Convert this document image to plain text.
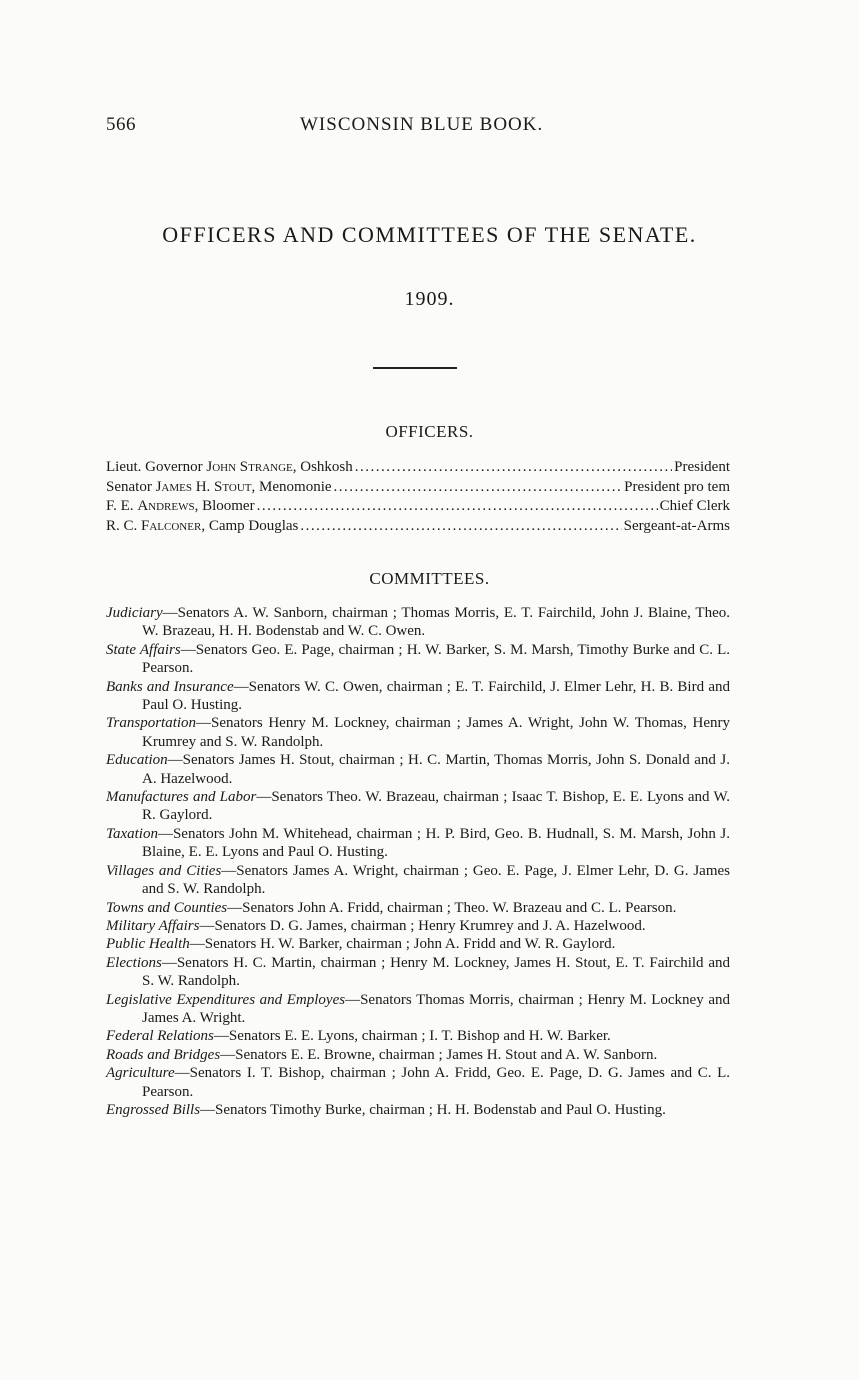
566	WISCONSIN BLUE BOOK.
OFFICERS AND COMMITTEES OF THE SENATE.
1909.
OFFICERS.
Lieut. Governor John Strange, Oshkosh .....	President
Senator James H. Stout, Menomonie .....	President pro tem
F. E. Andrews, Bloomer .....	Chief Clerk
R. C. Falconer, Camp Douglas .....	Sergeant-at-Arms
COMMITTEES.

Judiciary—Senators A. W. Sanborn, chairman ; Thomas Morris, E. T. Fairchild, John J. Blaine, Theo. W. Brazeau, H. H. Bodenstab and W. C. Owen.

State Affairs—Senators Geo. E. Page, chairman ; H. W. Barker, S. M. Marsh, Timothy Burke and C. L. Pearson.

Banks and Insurance—Senators W. C. Owen, chairman ; E. T. Fairchild, J. Elmer Lehr, H. B. Bird and Paul O. Husting.

Transportation—Senators Henry M. Lockney, chairman ; James A. Wright, John W. Thomas, Henry Krumrey and S. W. Randolph.

Education—Senators James H. Stout, chairman ; H. C. Martin, Thomas Morris, John S. Donald and J. A. Hazelwood.

Manufactures and Labor—Senators Theo. W. Brazeau, chairman ; Isaac T. Bishop, E. E. Lyons and W. R. Gaylord.

Taxation—Senators John M. Whitehead, chairman ; H. P. Bird, Geo. B. Hudnall, S. M. Marsh, John J. Blaine, E. E. Lyons and Paul O. Husting.

Villages and Cities—Senators James A. Wright, chairman ; Geo. E. Page, J. Elmer Lehr, D. G. James and S. W. Randolph.

Towns and Counties—Senators John A. Fridd, chairman ; Theo. W. Brazeau and C. L. Pearson.

Military Affairs—Senators D. G. James, chairman ; Henry Krumrey and J. A. Hazelwood.

Public Health—Senators H. W. Barker, chairman ; John A. Fridd and W. R. Gaylord.

Elections—Senators H. C. Martin, chairman ; Henry M. Lockney, James H. Stout, E. T. Fairchild and S. W. Randolph.

Legislative Expenditures and Employes—Senators Thomas Morris, chairman ; Henry M. Lockney and James A. Wright.

Federal Relations—Senators E. E. Lyons, chairman ; I. T. Bishop and H. W. Barker.

Roads and Bridges—Senators E. E. Browne, chairman ; James H. Stout and A. W. Sanborn.

Agriculture—Senators I. T. Bishop, chairman ; John A. Fridd, Geo. E. Page, D. G. James and C. L. Pearson.

Engrossed Bills—Senators Timothy Burke, chairman ; H. H. Bodenstab and Paul O. Husting.
